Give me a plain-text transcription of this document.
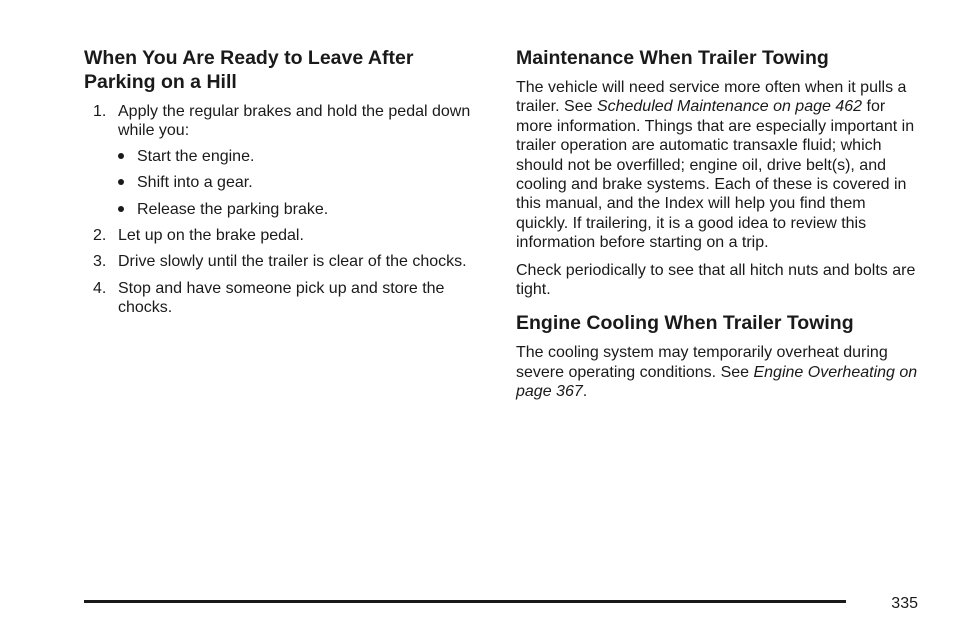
When You Are Ready to Leave After Parking on a Hill
1. Apply the regular brakes and hold the pedal down while you:
Start the engine.
Shift into a gear.
Release the parking brake.
2. Let up on the brake pedal.
3. Drive slowly until the trailer is clear of the chocks.
4. Stop and have someone pick up and store the chocks.
Maintenance When Trailer Towing

The vehicle will need service more often when it pulls a trailer. See Scheduled Maintenance on page 462 for more information. Things that are especially important in trailer operation are automatic transaxle fluid; which should not be overfilled; engine oil, drive belt(s), and cooling and brake systems. Each of these is covered in this manual, and the Index will help you find them quickly. If trailering, it is a good idea to review this information before starting on a trip.

Check periodically to see that all hitch nuts and bolts are tight.

Engine Cooling When Trailer Towing

The cooling system may temporarily overheat during severe operating conditions. See Engine Overheating on page 367.

335
